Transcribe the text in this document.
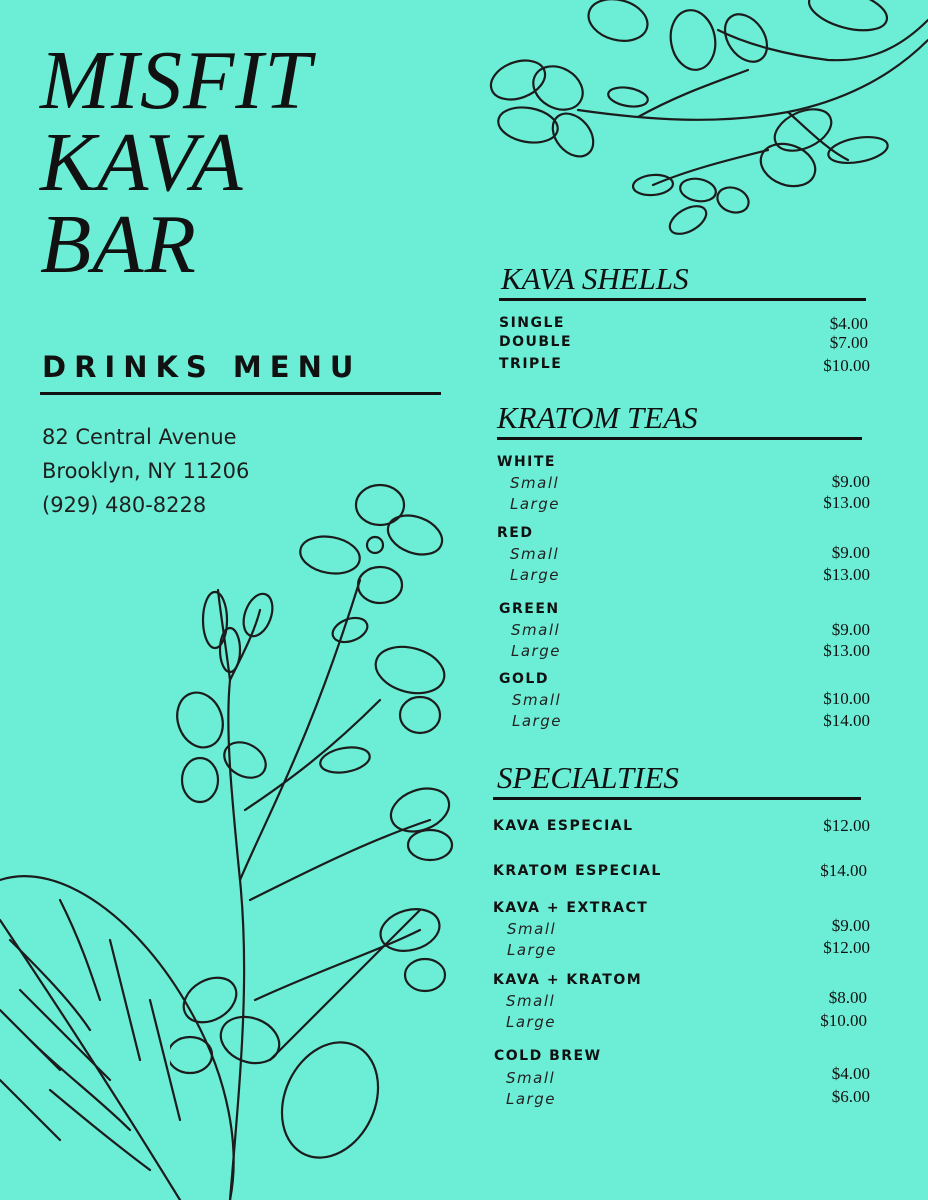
MISFIT
KAVA
BAR
DRINKS MENU
82 Central Avenue
Brooklyn, NY 11206
(929) 480-8228
KAVA SHELLS
SINGLE	$4.00
DOUBLE	$7.00
TRIPLE	$10.00
KRATOM TEAS
WHITE
Small	$9.00
Large	$13.00
RED
Small	$9.00
Large	$13.00
GREEN
Small	$9.00
Large	$13.00
GOLD
Small	$10.00
Large	$14.00
SPECIALTIES
KAVA ESPECIAL	$12.00
KRATOM ESPECIAL	$14.00
KAVA + EXTRACT
Small	$9.00
Large	$12.00
KAVA + KRATOM
Small	$8.00
Large	$10.00
COLD BREW
Small	$4.00
Large	$6.00
